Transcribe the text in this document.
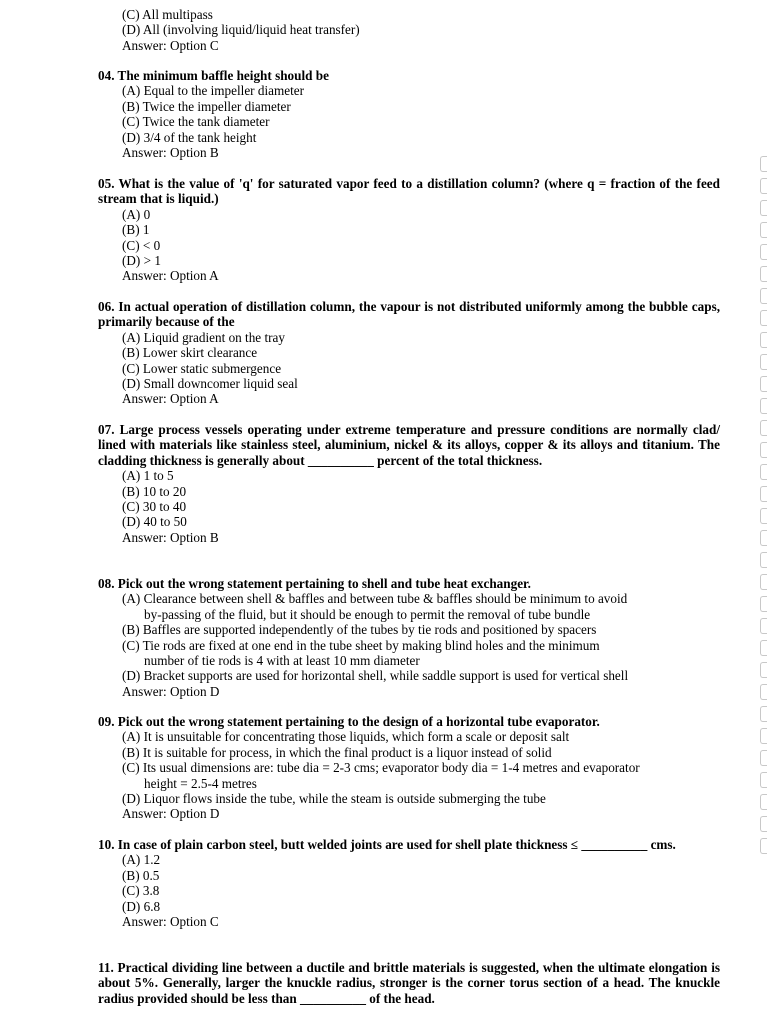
(C) All multipass
(D) All (involving liquid/liquid heat transfer)
Answer: Option C
04. The minimum baffle height should be
(A) Equal to the impeller diameter
(B) Twice the impeller diameter
(C) Twice the tank diameter
(D) 3/4 of the tank height
Answer: Option B
05. What is the value of 'q' for saturated vapor feed to a distillation column? (where q = fraction of the feed stream that is liquid.)
(A) 0
(B) 1
(C) < 0
(D) > 1
Answer: Option A
06. In actual operation of distillation column, the vapour is not distributed uniformly among the bubble caps, primarily because of the
(A) Liquid gradient on the tray
(B) Lower skirt clearance
(C) Lower static submergence
(D) Small downcomer liquid seal
Answer: Option A
07. Large process vessels operating under extreme temperature and pressure conditions are normally clad/ lined with materials like stainless steel, aluminium, nickel & its alloys, copper & its alloys and titanium. The cladding thickness is generally about __________ percent of the total thickness.
(A) 1 to 5
(B) 10 to 20
(C) 30 to 40
(D) 40 to 50
Answer: Option B
08. Pick out the wrong statement pertaining to shell and tube heat exchanger.
(A) Clearance between shell & baffles and between tube & baffles should be minimum to avoid
by-passing of the fluid, but it should be enough to permit the removal of tube bundle
(B) Baffles are supported independently of the tubes by tie rods and positioned by spacers
(C) Tie rods are fixed at one end in the tube sheet by making blind holes and the minimum
number of tie rods is 4 with at least 10 mm diameter
(D) Bracket supports are used for horizontal shell, while saddle support is used for vertical shell
Answer: Option D
09. Pick out the wrong statement pertaining to the design of a horizontal tube evaporator.
(A) It is unsuitable for concentrating those liquids, which form a scale or deposit salt
(B) It is suitable for process, in which the final product is a liquor instead of solid
(C) Its usual dimensions are: tube dia = 2-3 cms; evaporator body dia = 1-4 metres and evaporator
height = 2.5-4 metres
(D) Liquor flows inside the tube, while the steam is outside submerging the tube
Answer: Option D
10. In case of plain carbon steel, butt welded joints are used for shell plate thickness ≤ __________ cms.
(A) 1.2
(B) 0.5
(C) 3.8
(D) 6.8
Answer: Option C
11. Practical dividing line between a ductile and brittle materials is suggested, when the ultimate elongation is about 5%. Generally, larger the knuckle radius, stronger is the corner torus section of a head. The knuckle radius provided should be less than __________ of the head.
